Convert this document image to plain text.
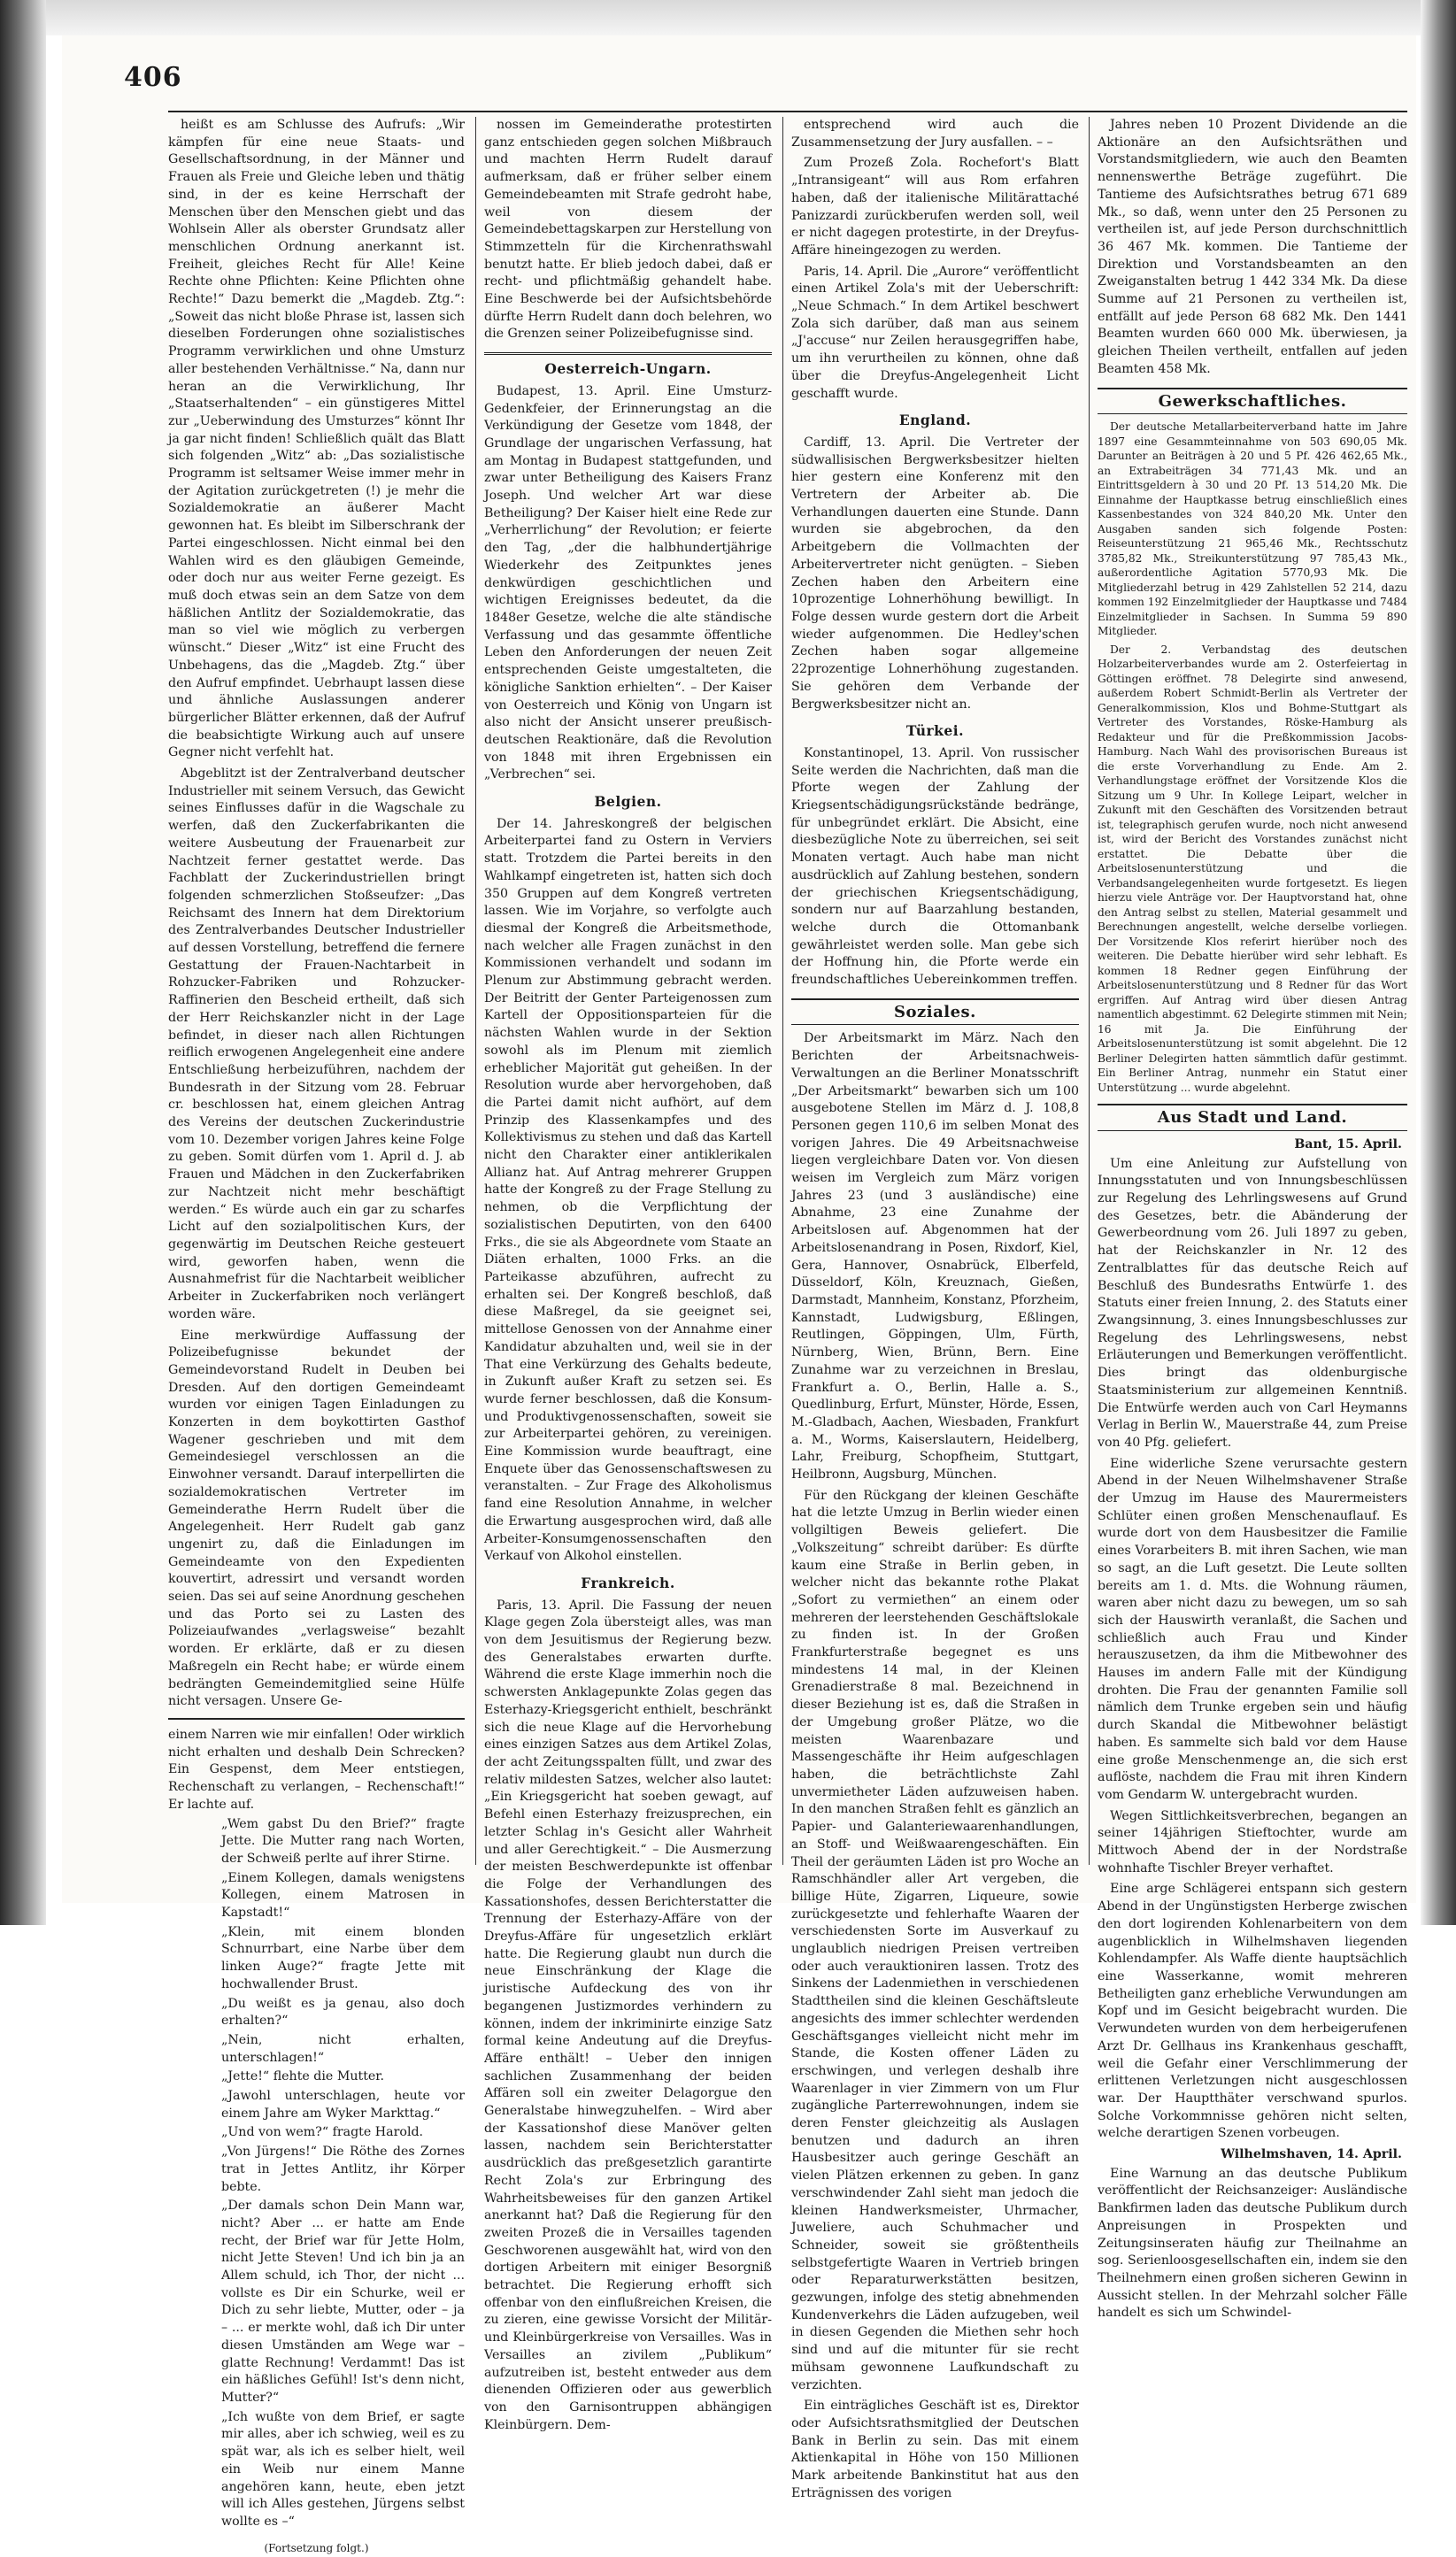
406

heißt es am Schlusse des Aufrufs: „Wir kämpfen für eine neue Staats- und Gesellschaftsordnung, in der Männer und Frauen als Freie und Gleiche leben und thätig sind, in der es keine Herrschaft der Menschen über den Menschen giebt und das Wohlsein Aller als oberster Grundsatz aller menschlichen Ordnung anerkannt ist. Freiheit, gleiches Recht für Alle! Keine Rechte ohne Pflichten: Keine Pflichten ohne Rechte!“ Dazu bemerkt die „Magdeb. Ztg.“: „Soweit das nicht bloße Phrase ist, lassen sich dieselben Forderungen ohne sozialistisches Programm verwirklichen und ohne Umsturz aller bestehenden Verhältnisse.“ Na, dann nur heran an die Verwirklichung, Ihr „Staatserhaltenden“ – ein günstigeres Mittel zur „Ueberwindung des Umsturzes“ könnt Ihr ja gar nicht finden! Schließlich quält das Blatt sich folgenden „Witz“ ab: „Das sozialistische Programm ist seltsamer Weise immer mehr in der Agitation zurückgetreten (!) je mehr die Sozialdemokratie an äußerer Macht gewonnen hat. Es bleibt im Silberschrank der Partei eingeschlossen. Nicht einmal bei den Wahlen wird es den gläubigen Gemeinde, oder doch nur aus weiter Ferne gezeigt. Es muß doch etwas sein an dem Satze von dem häßlichen Antlitz der Sozialdemokratie, das man so viel wie möglich zu verbergen wünscht.“ Dieser „Witz“ ist eine Frucht des Unbehagens, das die „Magdeb. Ztg.“ über den Aufruf empfindet. Uebrhaupt lassen diese und ähnliche Auslassungen anderer bürgerlicher Blätter erkennen, daß der Aufruf die beabsichtigte Wirkung auch auf unsere Gegner nicht verfehlt hat.

Abgeblitzt ist der Zentralverband deutscher Industrieller mit seinem Versuch, das Gewicht seines Einflusses dafür in die Wagschale zu werfen, daß den Zuckerfabrikanten die weitere Ausbeutung der Frauenarbeit zur Nachtzeit ferner gestattet werde. Das Fachblatt der Zuckerindustriellen bringt folgenden schmerzlichen Stoßseufzer: „Das Reichsamt des Innern hat dem Direktorium des Zentralverbandes Deutscher Industrieller auf dessen Vorstellung, betreffend die fernere Gestattung der Frauen-Nachtarbeit in Rohzucker-Fabriken und Rohzucker-Raffinerien den Bescheid ertheilt, daß sich der Herr Reichskanzler nicht in der Lage befindet, in dieser nach allen Richtungen reiflich erwogenen Angelegenheit eine andere Entschließung herbeizuführen, nachdem der Bundesrath in der Sitzung vom 28. Februar cr. beschlossen hat, einem gleichen Antrag des Vereins der deutschen Zuckerindustrie vom 10. Dezember vorigen Jahres keine Folge zu geben. Somit dürfen vom 1. April d. J. ab Frauen und Mädchen in den Zuckerfabriken zur Nachtzeit nicht mehr beschäftigt werden.“ Es würde auch ein gar zu scharfes Licht auf den sozialpolitischen Kurs, der gegenwärtig im Deutschen Reiche gesteuert wird, geworfen haben, wenn die Ausnahmefrist für die Nachtarbeit weiblicher Arbeiter in Zuckerfabriken noch verlängert worden wäre.

Eine merkwürdige Auffassung der Polizeibefugnisse bekundet der Gemeindevorstand Rudelt in Deuben bei Dresden. Auf den dortigen Gemeindeamt wurden vor einigen Tagen Einladungen zu Konzerten in dem boykottirten Gasthof Wagener geschrieben und mit dem Gemeindesiegel verschlossen an die Einwohner versandt. Darauf interpellirten die sozialdemokratischen Vertreter im Gemeinderathe Herrn Rudelt über die Angelegenheit. Herr Rudelt gab ganz ungenirt zu, daß die Einladungen im Gemeindeamte von den Expedienten kouvertirt, adressirt und versandt worden seien. Das sei auf seine Anordnung geschehen und das Porto sei zu Lasten des Polizeiaufwandes „verlagsweise“ bezahlt worden. Er erklärte, daß er zu diesen Maßregeln ein Recht habe; er würde einem bedrängten Gemeindemitglied seine Hülfe nicht versagen. Unsere Ge-

einem Narren wie mir einfallen! Oder wirklich nicht erhalten und deshalb Dein Schrecken? Ein Gespenst, dem Meer entstiegen, Rechenschaft zu verlangen, – Rechenschaft!“ Er lachte auf.

„Wem gabst Du den Brief?“ fragte Jette. Die Mutter rang nach Worten, der Schweiß perlte auf ihrer Stirne.

„Einem Kollegen, damals wenigstens Kollegen, einem Matrosen in Kapstadt!“

„Klein, mit einem blonden Schnurrbart, eine Narbe über dem linken Auge?“ fragte Jette mit hochwallender Brust.

„Du weißt es ja genau, also doch erhalten?“

„Nein, nicht erhalten, unterschlagen!“

„Jette!“ flehte die Mutter.

„Jawohl unterschlagen, heute vor einem Jahre am Wyker Markttag.“

„Und von wem?“ fragte Harold.

„Von Jürgens!“ Die Röthe des Zornes trat in Jettes Antlitz, ihr Körper bebte.

„Der damals schon Dein Mann war, nicht? Aber ... er hatte am Ende recht, der Brief war für Jette Holm, nicht Jette Steven! Und ich bin ja an Allem schuld, ich Thor, der nicht ... vollste es Dir ein Schurke, weil er Dich zu sehr liebte, Mutter, oder – ja – ... er merkte wohl, daß ich Dir unter diesen Umständen am Wege war – glatte Rechnung! Verdammt! Das ist ein häßliches Gefühl! Ist's denn nicht, Mutter?“

„Ich wußte von dem Brief, er sagte mir alles, aber ich schwieg, weil es zu spät war, als ich es selber hielt, weil ein Weib nur einem Manne angehören kann, heute, eben jetzt will ich Alles gestehen, Jürgens selbst wollte es –“

(Fortsetzung folgt.)

nossen im Gemeinderathe protestirten ganz entschieden gegen solchen Mißbrauch und machten Herrn Rudelt darauf aufmerksam, daß er früher selber einem Gemeindebeamten mit Strafe gedroht habe, weil von diesem der Gemeindebettagskarpen zur Herstellung von Stimmzetteln für die Kirchenrathswahl benutzt hatte. Er blieb jedoch dabei, daß er recht- und pflichtmäßig gehandelt habe. Eine Beschwerde bei der Aufsichtsbehörde dürfte Herrn Rudelt dann doch belehren, wo die Grenzen seiner Polizeibefugnisse sind.

Oesterreich-Ungarn.

Budapest, 13. April. Eine Umsturz-Gedenkfeier, der Erinnerungstag an die Verkündigung der Gesetze vom 1848, der Grundlage der ungarischen Verfassung, hat am Montag in Budapest stattgefunden, und zwar unter Betheiligung des Kaisers Franz Joseph. Und welcher Art war diese Betheiligung? Der Kaiser hielt eine Rede zur „Verherrlichung“ der Revolution; er feierte den Tag, „der die halbhundertjährige Wiederkehr des Zeitpunktes jenes denkwürdigen geschichtlichen und wichtigen Ereignisses bedeutet, da die 1848er Gesetze, welche die alte ständische Verfassung und das gesammte öffentliche Leben den Anforderungen der neuen Zeit entsprechenden Geiste umgestalteten, die königliche Sanktion erhielten“. – Der Kaiser von Oesterreich und König von Ungarn ist also nicht der Ansicht unserer preußisch-deutschen Reaktionäre, daß die Revolution von 1848 mit ihren Ergebnissen ein „Verbrechen“ sei.

Belgien.

Der 14. Jahreskongreß der belgischen Arbeiterpartei fand zu Ostern in Verviers statt. Trotzdem die Partei bereits in den Wahlkampf eingetreten ist, hatten sich doch 350 Gruppen auf dem Kongreß vertreten lassen. Wie im Vorjahre, so verfolgte auch diesmal der Kongreß die Arbeitsmethode, nach welcher alle Fragen zunächst in den Kommissionen verhandelt und sodann im Plenum zur Abstimmung gebracht werden. Der Beitritt der Genter Parteigenossen zum Kartell der Oppositionsparteien für die nächsten Wahlen wurde in der Sektion sowohl als im Plenum mit ziemlich erheblicher Majorität gut geheißen. In der Resolution wurde aber hervorgehoben, daß die Partei damit nicht aufhört, auf dem Prinzip des Klassenkampfes und des Kollektivismus zu stehen und daß das Kartell nicht den Charakter einer antiklerikalen Allianz hat. Auf Antrag mehrerer Gruppen hatte der Kongreß zu der Frage Stellung zu nehmen, ob die Verpflichtung der sozialistischen Deputirten, von den 6400 Frks., die sie als Abgeordnete vom Staate an Diäten erhalten, 1000 Frks. an die Parteikasse abzuführen, aufrecht zu erhalten sei. Der Kongreß beschloß, daß diese Maßregel, da sie geeignet sei, mittellose Genossen von der Annahme einer Kandidatur abzuhalten und, weil sie in der That eine Verkürzung des Gehalts bedeute, in Zukunft außer Kraft zu setzen sei. Es wurde ferner beschlossen, daß die Konsum- und Produktivgenossenschaften, soweit sie zur Arbeiterpartei gehören, zu vereinigen. Eine Kommission wurde beauftragt, eine Enquete über das Genossenschaftswesen zu veranstalten. – Zur Frage des Alkoholismus fand eine Resolution Annahme, in welcher die Erwartung ausgesprochen wird, daß alle Arbeiter-Konsumgenossenschaften den Verkauf von Alkohol einstellen.

Frankreich.

Paris, 13. April. Die Fassung der neuen Klage gegen Zola übersteigt alles, was man von dem Jesuitismus der Regierung bezw. des Generalstabes erwarten durfte. Während die erste Klage immerhin noch die schwersten Anklagepunkte Zolas gegen das Esterhazy-Kriegsgericht enthielt, beschränkt sich die neue Klage auf die Hervorhebung eines einzigen Satzes aus dem Artikel Zolas, der acht Zeitungsspalten füllt, und zwar des relativ mildesten Satzes, welcher also lautet: „Ein Kriegsgericht hat soeben gewagt, auf Befehl einen Esterhazy freizusprechen, ein letzter Schlag in's Gesicht aller Wahrheit und aller Gerechtigkeit.“ – Die Ausmerzung der meisten Beschwerdepunkte ist offenbar die Folge der Verhandlungen des Kassationshofes, dessen Berichterstatter die Trennung der Esterhazy-Affäre von der Dreyfus-Affäre für ungesetzlich erklärt hatte. Die Regierung glaubt nun durch die neue Einschränkung der Klage die juristische Aufdeckung des von ihr begangenen Justizmordes verhindern zu können, indem der inkriminirte einzige Satz formal keine Andeutung auf die Dreyfus-Affäre enthält! – Ueber den innigen sachlichen Zusammenhang der beiden Affären soll ein zweiter Delagorgue den Generalstabe hinwegzuhelfen. – Wird aber der Kassationshof diese Manöver gelten lassen, nachdem sein Berichterstatter ausdrücklich das preßgesetzlich garantirte Recht Zola's zur Erbringung des Wahrheitsbeweises für den ganzen Artikel anerkannt hat? Daß die Regierung für den zweiten Prozeß die in Versailles tagenden Geschworenen ausgewählt hat, wird von den dortigen Arbeitern mit einiger Besorgniß betrachtet. Die Regierung erhofft sich offenbar von den einflußreichen Kreisen, die zu zieren, eine gewisse Vorsicht der Militär- und Kleinbürgerkreise von Versailles. Was in Versailles an zivilem „Publikum“ aufzutreiben ist, besteht entweder aus dem dienenden Offizieren oder aus gewerblich von den Garnisontruppen abhängigen Kleinbürgern. Dem-

entsprechend wird auch die Zusammensetzung der Jury ausfallen. – –

Zum Prozeß Zola. Rochefort's Blatt „Intransigeant“ will aus Rom erfahren haben, daß der italienische Militärattaché Panizzardi zurückberufen werden soll, weil er nicht dagegen protestirte, in der Dreyfus-Affäre hineingezogen zu werden.

Paris, 14. April. Die „Aurore“ veröffentlicht einen Artikel Zola's mit der Ueberschrift: „Neue Schmach.“ In dem Artikel beschwert Zola sich darüber, daß man aus seinem „J'accuse“ nur Zeilen herausgegriffen habe, um ihn verurtheilen zu können, ohne daß über die Dreyfus-Angelegenheit Licht geschafft wurde.

England.

Cardiff, 13. April. Die Vertreter der südwallisischen Bergwerksbesitzer hielten hier gestern eine Konferenz mit den Vertretern der Arbeiter ab. Die Verhandlungen dauerten eine Stunde. Dann wurden sie abgebrochen, da den Arbeitgebern die Vollmachten der Arbeitervertreter nicht genügten. – Sieben Zechen haben den Arbeitern eine 10prozentige Lohnerhöhung bewilligt. In Folge dessen wurde gestern dort die Arbeit wieder aufgenommen. Die Hedley'schen Zechen haben sogar allgemeine 22prozentige Lohnerhöhung zugestanden. Sie gehören dem Verbande der Bergwerksbesitzer nicht an.

Türkei.

Konstantinopel, 13. April. Von russischer Seite werden die Nachrichten, daß man die Pforte wegen der Zahlung der Kriegsentschädigungsrückstände bedränge, für unbegründet erklärt. Die Absicht, eine diesbezügliche Note zu überreichen, sei seit Monaten vertagt. Auch habe man nicht ausdrücklich auf Zahlung bestehen, sondern der griechischen Kriegsentschädigung, sondern nur auf Baarzahlung bestanden, welche durch die Ottomanbank gewährleistet werden solle. Man gebe sich der Hoffnung hin, die Pforte werde ein freundschaftliches Uebereinkommen treffen.

Soziales.

Der Arbeitsmarkt im März. Nach den Berichten der Arbeitsnachweis-Verwaltungen an die Berliner Monatsschrift „Der Arbeitsmarkt“ bewarben sich um 100 ausgebotene Stellen im März d. J. 108,8 Personen gegen 110,6 im selben Monat des vorigen Jahres. Die 49 Arbeitsnachweise liegen vergleichbare Daten vor. Von diesen weisen im Vergleich zum März vorigen Jahres 23 (und 3 ausländische) eine Abnahme, 23 eine Zunahme der Arbeitslosen auf. Abgenommen hat der Arbeitslosenandrang in Posen, Rixdorf, Kiel, Gera, Hannover, Osnabrück, Elberfeld, Düsseldorf, Köln, Kreuznach, Gießen, Darmstadt, Mannheim, Konstanz, Pforzheim, Kannstadt, Ludwigsburg, Eßlingen, Reutlingen, Göppingen, Ulm, Fürth, Nürnberg, Wien, Brünn, Bern. Eine Zunahme war zu verzeichnen in Breslau, Frankfurt a. O., Berlin, Halle a. S., Quedlinburg, Erfurt, Münster, Hörde, Essen, M.-Gladbach, Aachen, Wiesbaden, Frankfurt a. M., Worms, Kaiserslautern, Heidelberg, Lahr, Freiburg, Schopfheim, Stuttgart, Heilbronn, Augsburg, München.

Für den Rückgang der kleinen Geschäfte hat die letzte Umzug in Berlin wieder einen vollgiltigen Beweis geliefert. Die „Volkszeitung“ schreibt darüber: Es dürfte kaum eine Straße in Berlin geben, in welcher nicht das bekannte rothe Plakat „Sofort zu vermiethen“ an einem oder mehreren der leerstehenden Geschäftslokale zu finden ist. In der Großen Frankfurterstraße begegnet es uns mindestens 14 mal, in der Kleinen Grenadierstraße 8 mal. Bezeichnend in dieser Beziehung ist es, daß die Straßen in der Umgebung großer Plätze, wo die meisten Waarenbazare und Massengeschäfte ihr Heim aufgeschlagen haben, die beträchtlichste Zahl unvermietheter Läden aufzuweisen haben. In den manchen Straßen fehlt es gänzlich an Papier- und Galanteriewaarenhandlungen, an Stoff- und Weißwaarengeschäften. Ein Theil der geräumten Läden ist pro Woche an Ramschhändler aller Art vergeben, die billige Hüte, Zigarren, Liqueure, sowie zurückgesetzte und fehlerhafte Waaren der verschiedensten Sorte im Ausverkauf zu unglaublich niedrigen Preisen vertreiben oder auch verauktioniren lassen. Trotz des Sinkens der Ladenmiethen in verschiedenen Stadttheilen sind die kleinen Geschäftsleute angesichts des immer schlechter werdenden Geschäftsganges vielleicht nicht mehr im Stande, die Kosten offener Läden zu erschwingen, und verlegen deshalb ihre Waarenlager in vier Zimmern von um Flur zugängliche Parterrewohnungen, indem sie deren Fenster gleichzeitig als Auslagen benutzen und dadurch an ihren Hausbesitzer auch geringe Geschäft an vielen Plätzen erkennen zu geben. In ganz verschwindender Zahl sieht man jedoch die kleinen Handwerksmeister, Uhrmacher, Juweliere, auch Schuhmacher und Schneider, soweit sie größtentheils selbstgefertigte Waaren in Vertrieb bringen oder Reparaturwerkstätten besitzen, gezwungen, infolge des stetig abnehmenden Kundenverkehrs die Läden aufzugeben, weil in diesen Gegenden die Miethen sehr hoch sind und auf die mitunter für sie recht mühsam gewonnene Laufkundschaft zu verzichten.

Ein einträgliches Geschäft ist es, Direktor oder Aufsichtsrathsmitglied der Deutschen Bank in Berlin zu sein. Das mit einem Aktienkapital in Höhe von 150 Millionen Mark arbeitende Bankinstitut hat aus den Erträgnissen des vorigen

Jahres neben 10 Prozent Dividende an die Aktionäre an den Aufsichtsräthen und Vorstandsmitgliedern, wie auch den Beamten nennenswerthe Beträge zugeführt. Die Tantieme des Aufsichtsrathes betrug 671 689 Mk., so daß, wenn unter den 25 Personen zu vertheilen ist, auf jede Person durchschnittlich 36 467 Mk. kommen. Die Tantieme der Direktion und Vorstandsbeamten an den Zweiganstalten betrug 1 442 334 Mk. Da diese Summe auf 21 Personen zu vertheilen ist, entfällt auf jede Person 68 682 Mk. Den 1441 Beamten wurden 660 000 Mk. überwiesen, ja gleichen Theilen vertheilt, entfallen auf jeden Beamten 458 Mk.

Gewerkschaftliches.

Der deutsche Metallarbeiterverband hatte im Jahre 1897 eine Gesammteinnahme von 503 690,05 Mk. Darunter an Beiträgen à 20 und 5 Pf. 426 462,65 Mk., an Extrabeiträgen 34 771,43 Mk. und an Eintrittsgeldern à 30 und 20 Pf. 13 514,20 Mk. Die Einnahme der Hauptkasse betrug einschließlich eines Kassenbestandes von 324 840,20 Mk. Unter den Ausgaben sanden sich folgende Posten: Reiseunterstützung 21 965,46 Mk., Rechtsschutz 3785,82 Mk., Streikunterstützung 97 785,43 Mk., außerordentliche Agitation 5770,93 Mk. Die Mitgliederzahl betrug in 429 Zahlstellen 52 214, dazu kommen 192 Einzelmitglieder der Hauptkasse und 7484 Einzelmitglieder in Sachsen. In Summa 59 890 Mitglieder.

Der 2. Verbandstag des deutschen Holzarbeiterverbandes wurde am 2. Osterfeiertag in Göttingen eröffnet. 78 Delegirte sind anwesend, außerdem Robert Schmidt-Berlin als Vertreter der Generalkommission, Klos und Bohme-Stuttgart als Vertreter des Vorstandes, Röske-Hamburg als Redakteur und für die Preßkommission Jacobs-Hamburg. Nach Wahl des provisorischen Bureaus ist die erste Vorverhandlung zu Ende. Am 2. Verhandlungstage eröffnet der Vorsitzende Klos die Sitzung um 9 Uhr. In Kollege Leipart, welcher in Zukunft mit den Geschäften des Vorsitzenden betraut ist, telegraphisch gerufen wurde, noch nicht anwesend ist, wird der Bericht des Vorstandes zunächst nicht erstattet. Die Debatte über die Arbeitslosenunterstützung und die Verbandsangelegenheiten wurde fortgesetzt. Es liegen hierzu viele Anträge vor. Der Hauptvorstand hat, ohne den Antrag selbst zu stellen, Material gesammelt und Berechnungen angestellt, welche derselbe vorliegen. Der Vorsitzende Klos referirt hierüber noch des weiteren. Die Debatte hierüber wird sehr lebhaft. Es kommen 18 Redner gegen Einführung der Arbeitslosenunterstützung und 8 Redner für das Wort ergriffen. Auf Antrag wird über diesen Antrag namentlich abgestimmt. 62 Delegirte stimmen mit Nein; 16 mit Ja. Die Einführung der Arbeitslosenunterstützung ist somit abgelehnt. Die 12 Berliner Delegirten hatten sämmtlich dafür gestimmt. Ein Berliner Antrag, nunmehr ein Statut einer Unterstützung ... wurde abgelehnt.

Aus Stadt und Land.
Bant, 15. April.

Um eine Anleitung zur Aufstellung von Innungsstatuten und von Innungsbeschlüssen zur Regelung des Lehrlingswesens auf Grund des Gesetzes, betr. die Abänderung der Gewerbeordnung vom 26. Juli 1897 zu geben, hat der Reichskanzler in Nr. 12 des Zentralblattes für das deutsche Reich auf Beschluß des Bundesraths Entwürfe 1. des Statuts einer freien Innung, 2. des Statuts einer Zwangsinnung, 3. eines Innungsbeschlusses zur Regelung des Lehrlingswesens, nebst Erläuterungen und Bemerkungen veröffentlicht. Dies bringt das oldenburgische Staatsministerium zur allgemeinen Kenntniß. Die Entwürfe werden auch von Carl Heymanns Verlag in Berlin W., Mauerstraße 44, zum Preise von 40 Pfg. geliefert.

Eine widerliche Szene verursachte gestern Abend in der Neuen Wilhelmshavener Straße der Umzug im Hause des Maurermeisters Schlüter einen großen Menschenauflauf. Es wurde dort von dem Hausbesitzer die Familie eines Vorarbeiters B. mit ihren Sachen, wie man so sagt, an die Luft gesetzt. Die Leute sollten bereits am 1. d. Mts. die Wohnung räumen, waren aber nicht dazu zu bewegen, um so sah sich der Hauswirth veranlaßt, die Sachen und schließlich auch Frau und Kinder herauszusetzen, da ihm die Mitbewohner des Hauses im andern Falle mit der Kündigung drohten. Die Frau der genannten Familie soll nämlich dem Trunke ergeben sein und häufig durch Skandal die Mitbewohner belästigt haben. Es sammelte sich bald vor dem Hause eine große Menschenmenge an, die sich erst auflöste, nachdem die Frau mit ihren Kindern vom Gendarm W. untergebracht wurden.

Wegen Sittlichkeitsverbrechen, begangen an seiner 14jährigen Stieftochter, wurde am Mittwoch Abend der in der Nordstraße wohnhafte Tischler Breyer verhaftet.

Eine arge Schlägerei entspann sich gestern Abend in der Ungünstigsten Herberge zwischen den dort logirenden Kohlenarbeitern von dem augenblicklich in Wilhelmshaven liegenden Kohlendampfer. Als Waffe diente hauptsächlich eine Wasserkanne, womit mehreren Betheiligten ganz erhebliche Verwundungen am Kopf und im Gesicht beigebracht wurden. Die Verwundeten wurden von dem herbeigerufenen Arzt Dr. Gellhaus ins Krankenhaus geschafft, weil die Gefahr einer Verschlimmerung der erlittenen Verletzungen nicht ausgeschlossen war. Der Hauptthäter verschwand spurlos. Solche Vorkommnisse gehören nicht selten, welche derartigen Szenen vorbeugen.

Wilhelmshaven, 14. April.

Eine Warnung an das deutsche Publikum veröffentlicht der Reichsanzeiger: Ausländische Bankfirmen laden das deutsche Publikum durch Anpreisungen in Prospekten und Zeitungsinseraten häufig zur Theilnahme an sog. Serienloosgesellschaften ein, indem sie den Theilnehmern einen großen sicheren Gewinn in Aussicht stellen. In der Mehrzahl solcher Fälle handelt es sich um Schwindel-
